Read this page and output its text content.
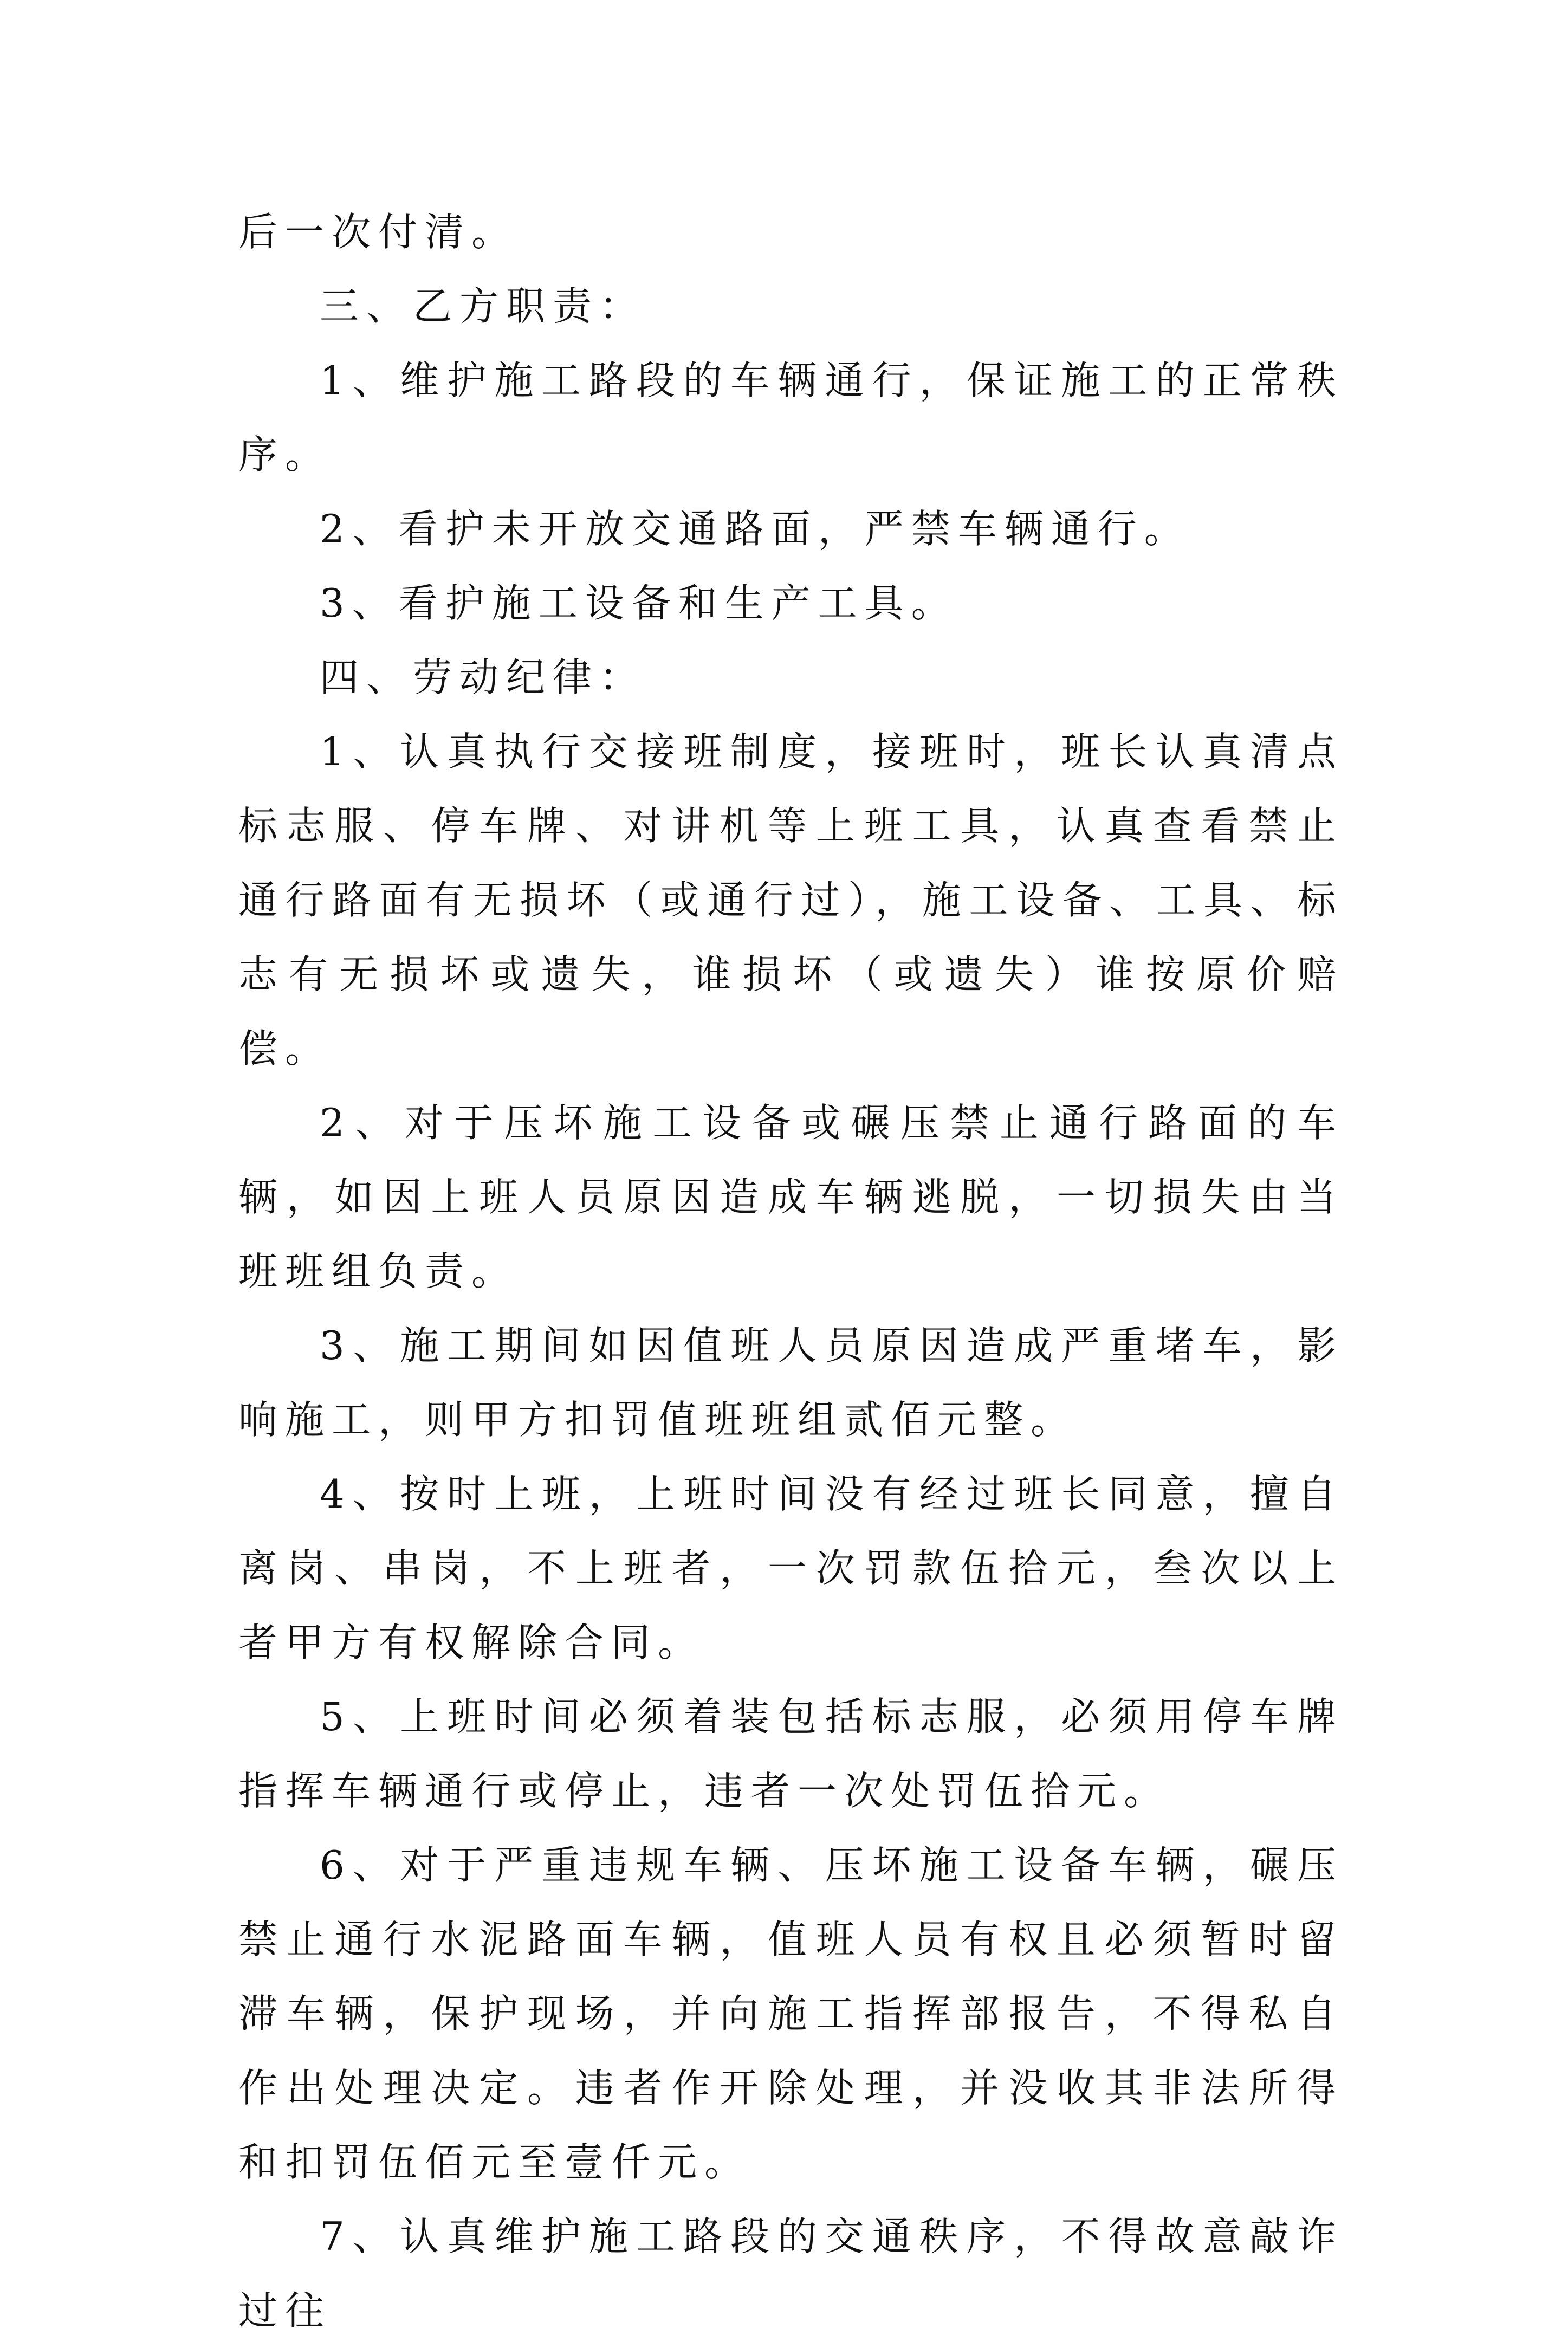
后一次付清。

三、乙方职责：

1、维护施工路段的车辆通行，保证施工的正常秩序。

2、看护未开放交通路面，严禁车辆通行。

3、看护施工设备和生产工具。

四、劳动纪律：

1、认真执行交接班制度，接班时，班长认真清点标志服、停车牌、对讲机等上班工具，认真查看禁止通行路面有无损坏（或通行过），施工设备、工具、标志有无损坏或遗失，谁损坏（或遗失）谁按原价赔偿。

2、对于压坏施工设备或碾压禁止通行路面的车辆，如因上班人员原因造成车辆逃脱，一切损失由当班班组负责。

3、施工期间如因值班人员原因造成严重堵车，影响施工，则甲方扣罚值班班组贰佰元整。

4、按时上班，上班时间没有经过班长同意，擅自离岗、串岗，不上班者，一次罚款伍拾元，叁次以上者甲方有权解除合同。

5、上班时间必须着装包括标志服，必须用停车牌指挥车辆通行或停止，违者一次处罚伍拾元。

6、对于严重违规车辆、压坏施工设备车辆，碾压禁止通行水泥路面车辆，值班人员有权且必须暂时留滞车辆，保护现场，并向施工指挥部报告，不得私自作出处理决定。违者作开除处理，并没收其非法所得和扣罚伍佰元至壹仟元。

7、认真维护施工路段的交通秩序，不得故意敲诈过往
